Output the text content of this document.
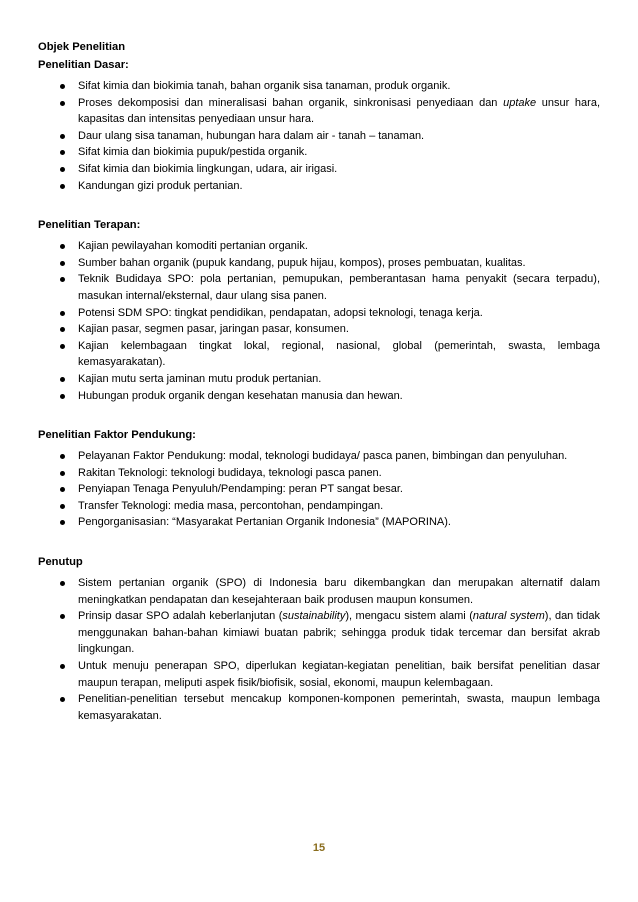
Objek Penelitian
Penelitian Dasar:
Sifat kimia dan biokimia tanah, bahan organik sisa tanaman, produk organik.
Proses dekomposisi dan mineralisasi bahan organik, sinkronisasi penyediaan dan uptake unsur hara, kapasitas dan intensitas penyediaan unsur hara.
Daur ulang sisa tanaman, hubungan hara dalam air - tanah – tanaman.
Sifat kimia dan biokimia pupuk/pestida organik.
Sifat kimia dan biokimia lingkungan, udara, air irigasi.
Kandungan gizi produk pertanian.
Penelitian Terapan:
Kajian pewilayahan komoditi pertanian organik.
Sumber bahan organik (pupuk kandang, pupuk hijau, kompos), proses pembuatan, kualitas.
Teknik Budidaya SPO: pola pertanian, pemupukan, pemberantasan hama penyakit (secara terpadu), masukan internal/eksternal, daur ulang sisa panen.
Potensi SDM SPO: tingkat pendidikan, pendapatan, adopsi teknologi, tenaga kerja.
Kajian pasar, segmen pasar, jaringan pasar, konsumen.
Kajian kelembagaan tingkat lokal, regional, nasional, global (pemerintah, swasta, lembaga kemasyarakatan).
Kajian mutu serta jaminan mutu produk pertanian.
Hubungan produk organik dengan kesehatan manusia dan hewan.
Penelitian Faktor Pendukung:
Pelayanan Faktor Pendukung: modal, teknologi budidaya/ pasca panen, bimbingan dan penyuluhan.
Rakitan Teknologi: teknologi budidaya, teknologi pasca panen.
Penyiapan Tenaga Penyuluh/Pendamping: peran PT sangat besar.
Transfer Teknologi: media masa, percontohan, pendampingan.
Pengorganisasian: “Masyarakat Pertanian Organik Indonesia” (MAPORINA).
Penutup
Sistem pertanian organik (SPO) di Indonesia baru dikembangkan dan merupakan alternatif dalam meningkatkan pendapatan dan kesejahteraan baik produsen maupun konsumen.
Prinsip dasar SPO adalah keberlanjutan (sustainability), mengacu sistem alami (natural system), dan tidak menggunakan bahan-bahan kimiawi buatan pabrik; sehingga produk tidak tercemar dan bersifat akrab lingkungan.
Untuk menuju penerapan SPO, diperlukan kegiatan-kegiatan penelitian, baik bersifat penelitian dasar maupun terapan, meliputi aspek fisik/biofisik, sosial, ekonomi, maupun kelembagaan.
Penelitian-penelitian tersebut mencakup komponen-komponen pemerintah, swasta, maupun lembaga kemasyarakatan.
15
